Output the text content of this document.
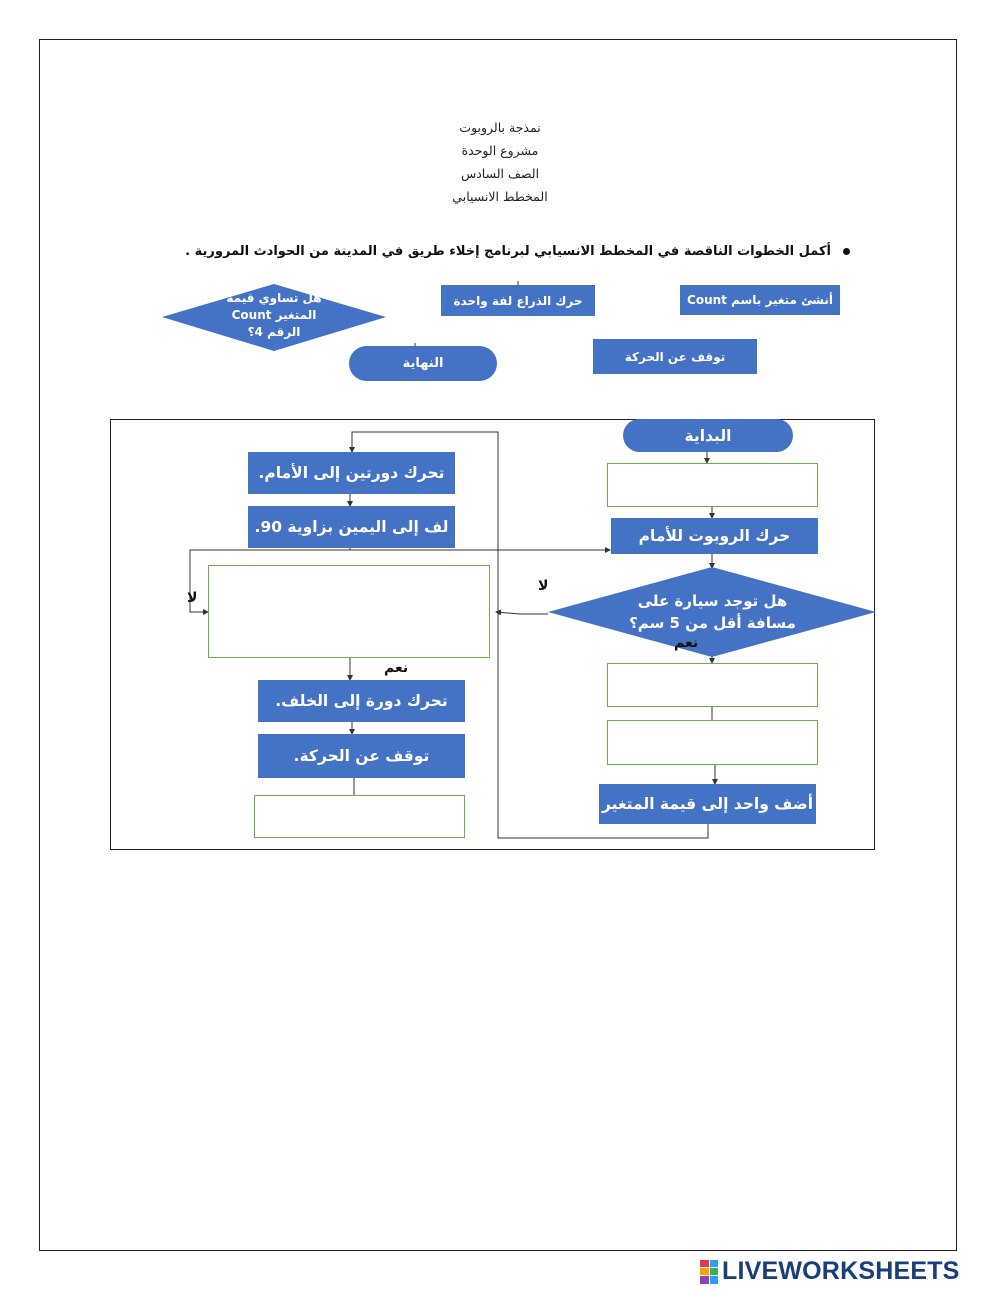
نمذجة بالروبوت
مشروع الوحدة
الصف السادس
المخطط الانسيابي
أكمل الخطوات الناقصة في المخطط الانسيابي لبرنامج إخلاء طريق في المدينة من الحوادث المرورية .
هل تساوي قيمة
المتغير Count
الرقم 4؟
حرك الذراع لفة واحدة	أنشئ متغير باسم Count
النهاية	توقف عن الحركة
البداية
حرك الروبوت للأمام
هل توجد سيارة على
مسافة أقل من 5 سم؟
أضف واحد إلى قيمة المتغير
تحرك دورتين إلى الأمام.
لف إلى اليمين بزاوية 90.
تحرك دورة إلى الخلف.
توقف عن الحركة.
لا
نعم
لا
نعم
LIVEWORKSHEETS
